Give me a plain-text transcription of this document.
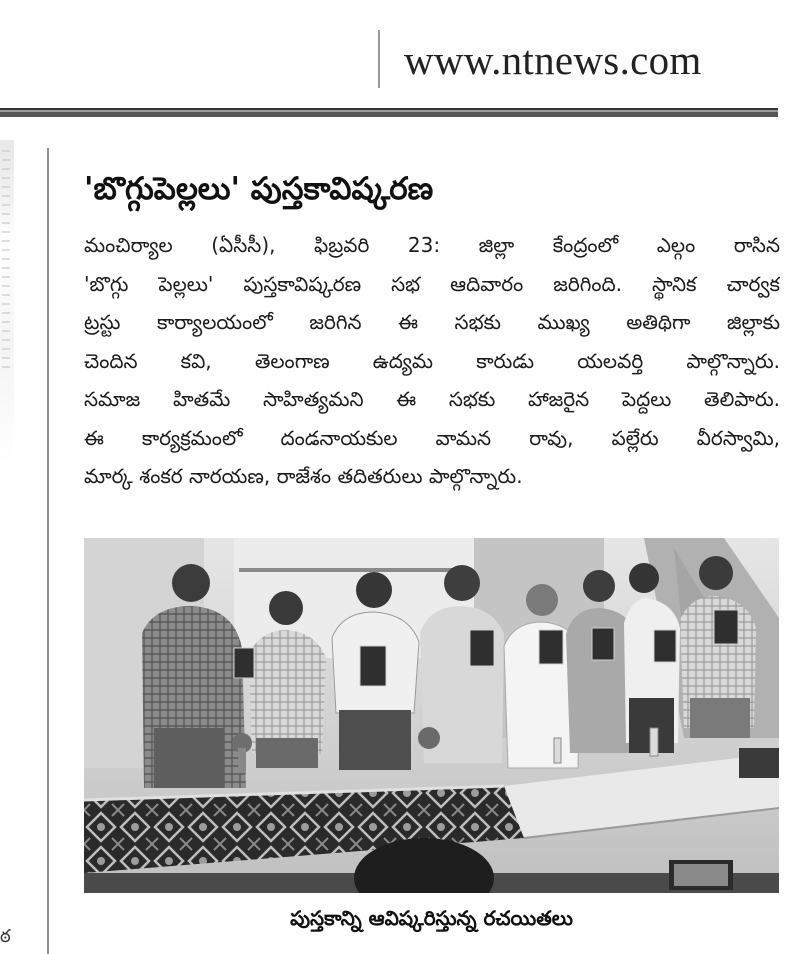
www.ntnews.com
ఠ
'బొగ్గుపెల్లలు' పుస్తకావిష్కరణ
మంచిర్యాల (ఏసీసీ), ఫిబ్రవరి 23: జిల్లా కేంద్రంలో ఎల్గం రాసిన
'బొగ్గు పెల్లలు' పుస్తకావిష్కరణ సభ ఆదివారం జరిగింది. స్థానిక చార్వక
ట్రస్టు కార్యాలయంలో జరిగిన ఈ సభకు ముఖ్య అతిథిగా జిల్లాకు
చెందిన కవి, తెలంగాణ ఉద్యమ కారుడు యలవర్తి పాల్గొన్నారు.
సమాజ హితమే సాహిత్యమని ఈ సభకు హాజరైన పెద్దలు తెలిపారు.
ఈ కార్యక్రమంలో దండనాయకుల వామన రావు, పల్లేరు వీరస్వామి,
మార్క శంకర నారయణ, రాజేశం తదితరులు పాల్గొన్నారు.
పుస్తకాన్ని ఆవిష్కరిస్తున్న రచయితలు
